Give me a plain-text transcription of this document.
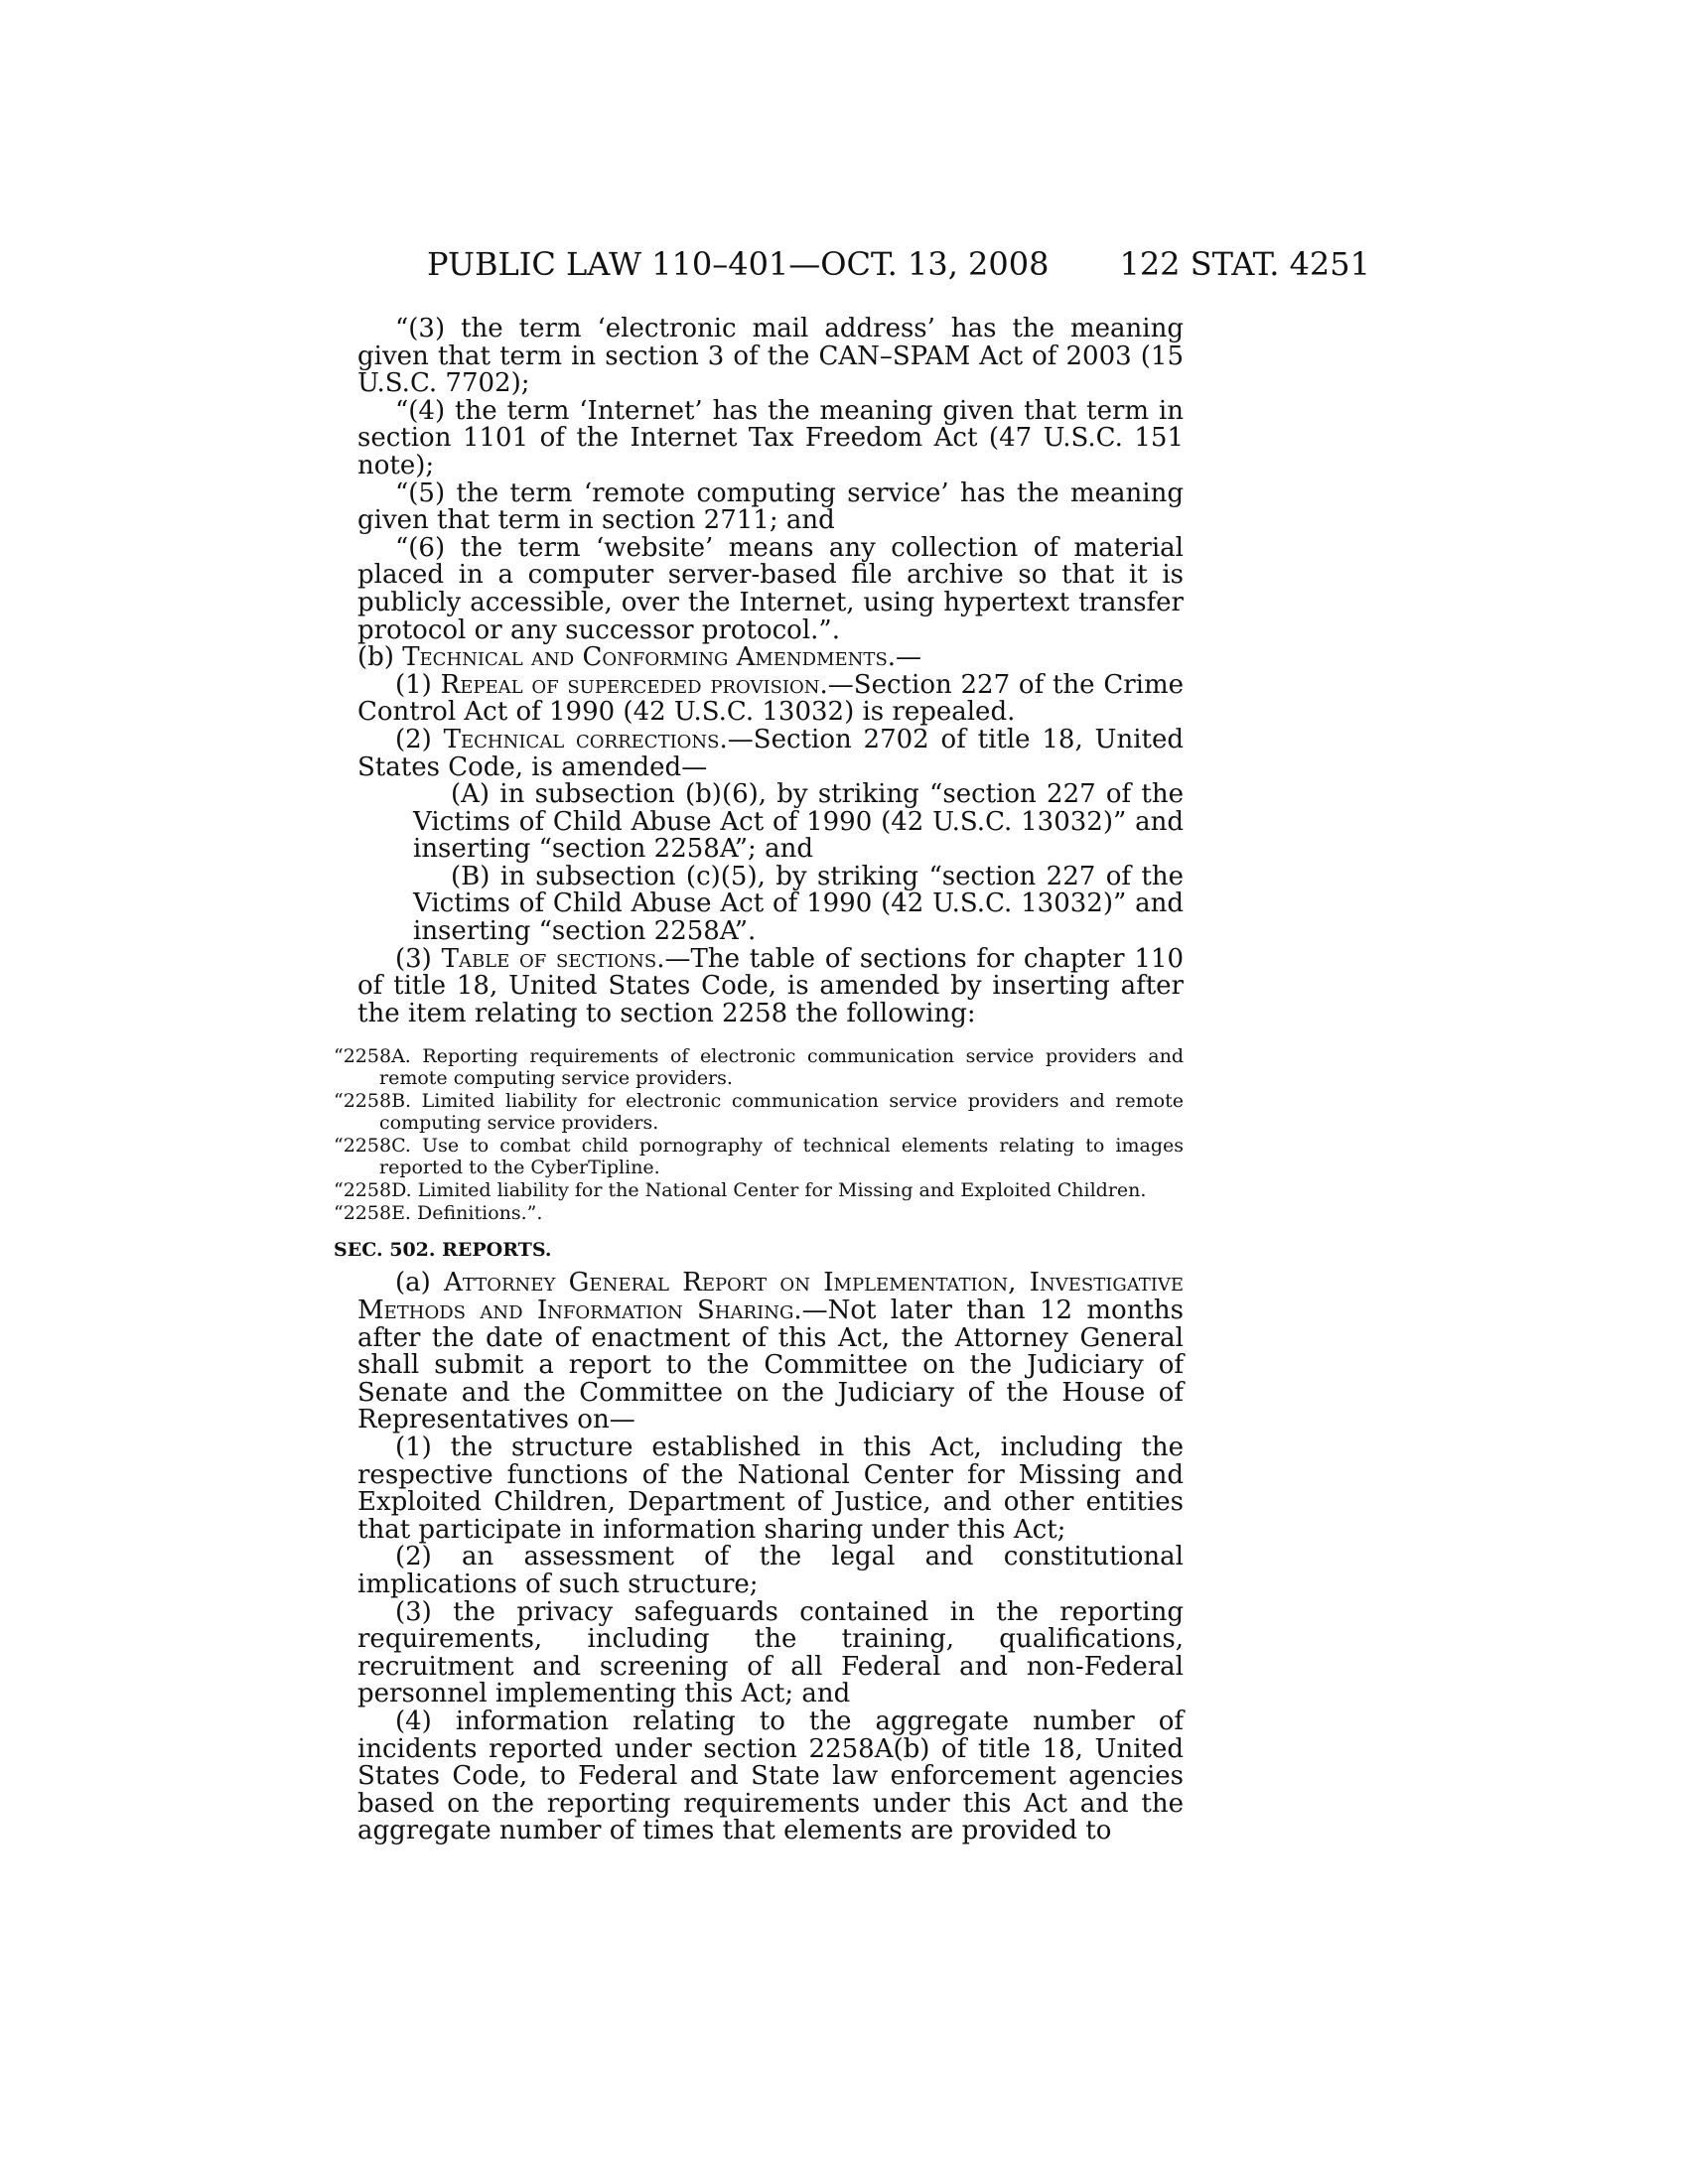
PUBLIC LAW 110–401—OCT. 13, 2008 122 STAT. 4251

“(3) the term ‘electronic mail address’ has the meaning given that term in section 3 of the CAN–SPAM Act of 2003 (15 U.S.C. 7702);

“(4) the term ‘Internet’ has the meaning given that term in section 1101 of the Internet Tax Freedom Act (47 U.S.C. 151 note);

“(5) the term ‘remote computing service’ has the meaning given that term in section 2711; and

“(6) the term ‘website’ means any collection of material placed in a computer server-based file archive so that it is publicly accessible, over the Internet, using hypertext transfer protocol or any successor protocol.”.

(b) Technical and Conforming Amendments.—

(1) Repeal of superceded provision.—Section 227 of the Crime Control Act of 1990 (42 U.S.C. 13032) is repealed.

(2) Technical corrections.—Section 2702 of title 18, United States Code, is amended—

(A) in subsection (b)(6), by striking “section 227 of the Victims of Child Abuse Act of 1990 (42 U.S.C. 13032)” and inserting “section 2258A”; and

(B) in subsection (c)(5), by striking “section 227 of the Victims of Child Abuse Act of 1990 (42 U.S.C. 13032)” and inserting “section 2258A”.

(3) Table of sections.—The table of sections for chapter 110 of title 18, United States Code, is amended by inserting after the item relating to section 2258 the following:

“2258A. Reporting requirements of electronic communication service providers and remote computing service providers.
“2258B. Limited liability for electronic communication service providers and remote computing service providers.
“2258C. Use to combat child pornography of technical elements relating to images reported to the CyberTipline.
“2258D. Limited liability for the National Center for Missing and Exploited Children.
“2258E. Definitions.”.
SEC. 502. REPORTS.

(a) Attorney General Report on Implementation, Investigative Methods and Information Sharing.—Not later than 12 months after the date of enactment of this Act, the Attorney General shall submit a report to the Committee on the Judiciary of Senate and the Committee on the Judiciary of the House of Representatives on—

(1) the structure established in this Act, including the respective functions of the National Center for Missing and Exploited Children, Department of Justice, and other entities that participate in information sharing under this Act;

(2) an assessment of the legal and constitutional implications of such structure;

(3) the privacy safeguards contained in the reporting requirements, including the training, qualifications, recruitment and screening of all Federal and non-Federal personnel implementing this Act; and

(4) information relating to the aggregate number of incidents reported under section 2258A(b) of title 18, United States Code, to Federal and State law enforcement agencies based on the reporting requirements under this Act and the aggregate number of times that elements are provided to
